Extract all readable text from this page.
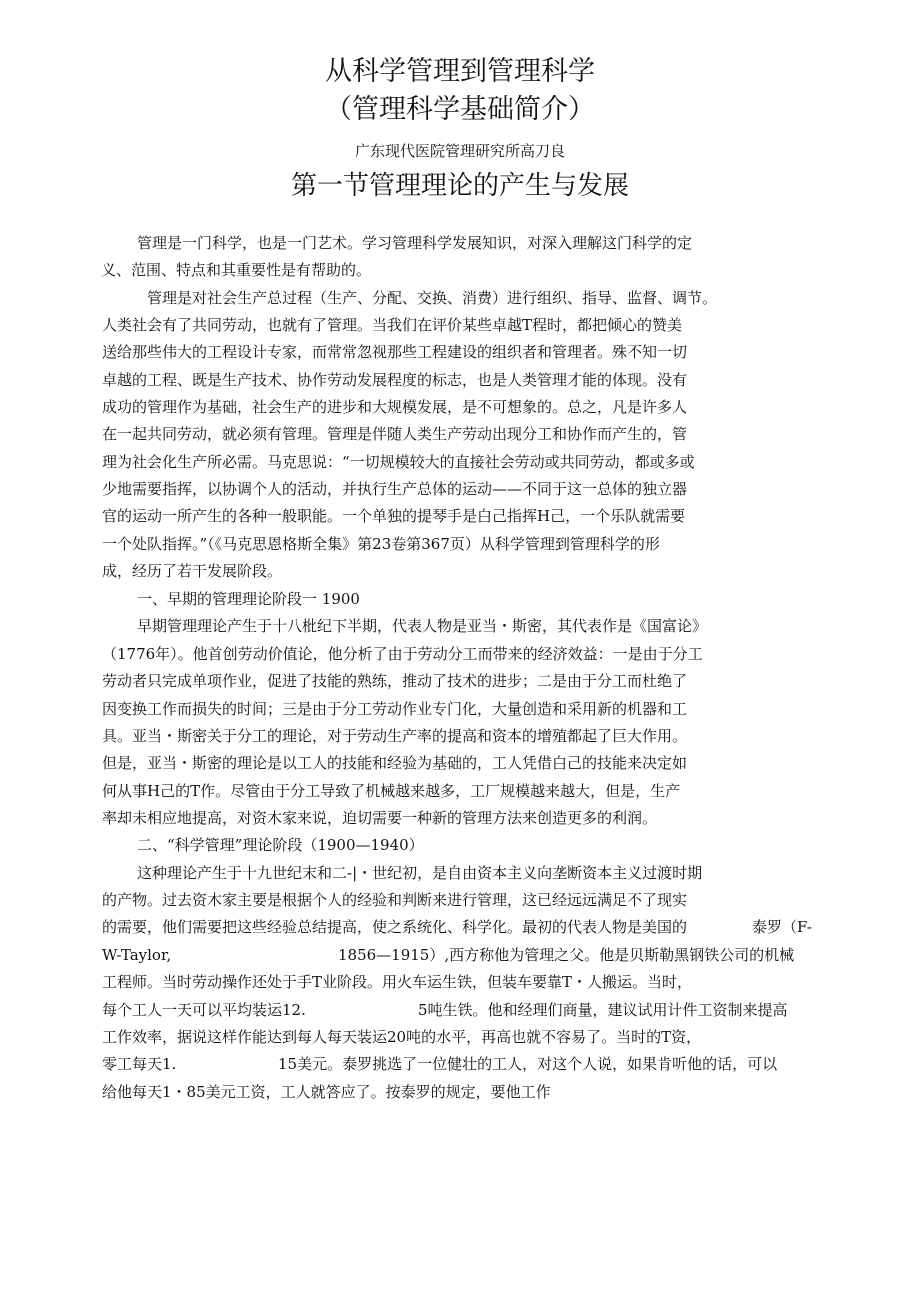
从科学管理到管理科学
（管理科学基础简介）
广东现代医院管理研究所高刀良
第一节管理理论的产生与发展
管理是一门科学，也是一门艺术。学习管理科学发展知识，对深入理解这门科学的定
义、范围、特点和其重要性是有帮助的。
管理是对社会生产总过程（生产、分配、交换、消费）进行组织、指导、监督、调节。
人类社会有了共同劳动，也就有了管理。当我们在评价某些卓越T程时，都把倾心的赞美
送给那些伟大的工程设计专家，而常常忽视那些工程建设的组织者和管理者。殊不知一切
卓越的工程、既是生产技术、协作劳动发展程度的标志，也是人类管理才能的体现。没有
成功的管理作为基础，社会生产的进步和大规模发展，是不可想象的。总之，凡是许多人
在一起共同劳动，就必须有管理。管理是伴随人类生产劳动出现分工和协作而产生的，管
理为社会化生产所必需。马克思说：“一切规模较大的直接社会劳动或共同劳动，都或多或
少地需要指挥，以协调个人的活动，并执行生产总体的运动——不同于这一总体的独立器
官的运动一所产生的各种一般职能。一个单独的提琴手是白己指挥H己，一个乐队就需要
一个处队指挥。”（《马克思恩格斯全集》第23卷第367页）从科学管理到管理科学的形
成，经历了若干发展阶段。
一、早期的管理理论阶段一 1900
早期管理理论产生于十八枇纪下半期，代表人物是亚当・斯密，其代表作是《国富论》
（1776年）。他首创劳动价值论，他分析了由于劳动分工而带来的经济效益：一是由于分工
劳动者只完成单项作业，促进了技能的熟练，推动了技术的进步；二是由于分工而杜绝了
因变换工作而损失的时间；三是由于分工劳动作业专门化，大量创造和采用新的机器和工
具。亚当・斯密关于分工的理论，对于劳动生产率的提高和资本的增殖都起了巨大作用。
但是，亚当・斯密的理论是以工人的技能和经验为基础的，工人凭借白己的技能来决定如
何从事H己的T作。尽管由于分工导致了机械越来越多，工厂规模越来越大，但是，生产
率却未相应地提高，对资木家来说，迫切需要一种新的管理方法来创造更多的利润。
二、“科学管理”理论阶段（1900—1940）
这种理论产生于十九世纪末和二-|・世纪初，是自由资本主义向垄断资本主义过渡时期
的产物。过去资木家主要是根据个人的经验和判断来进行管理，这已经远远满足不了现实
的需要，他们需要把这些经验总结提高，使之系统化、科学化。最初的代表人物是美国的	泰罗（F-
W-Taylor,	1856—1915）,西方称他为管理之父。他是贝斯勒黑钢铁公司的机械
工程师。当时劳动操作还处于手T业阶段。用火车运生铁，但装车要靠T・人搬运。当时，
每个工人一天可以平均装运12.	5吨生铁。他和经理们商量，建议试用计件工资制来提高
工作效率，据说这样作能达到每人每天装运20吨的水平，再高也就不容易了。当时的T资，
零工每天1.	15美元。泰罗挑选了一位健壮的工人，对这个人说，如果肯听他的话，可以
给他每天1・85美元工资，工人就答应了。按泰罗的规定，要他工作
